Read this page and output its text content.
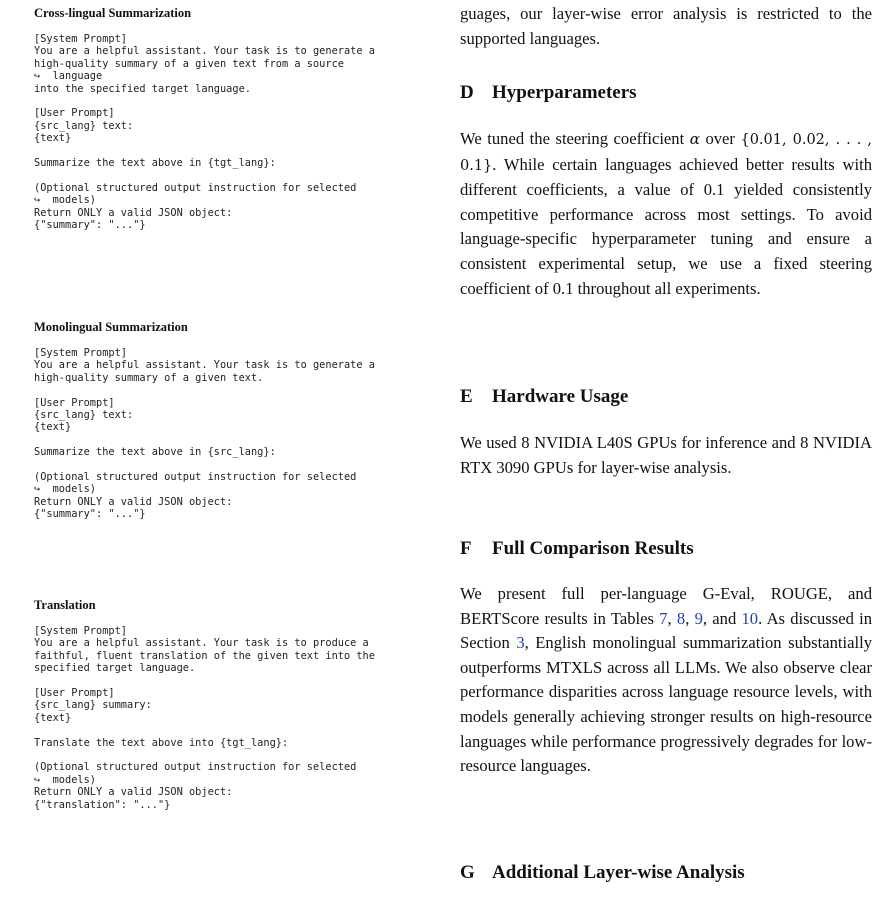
Cross-lingual Summarization
[System Prompt]
You are a helpful assistant. Your task is to generate a
high-quality summary of a given text from a source
↪  language
into the specified target language.

[User Prompt]
{src_lang} text:
{text}

Summarize the text above in {tgt_lang}:

(Optional structured output instruction for selected
↪  models)
Return ONLY a valid JSON object:
{"summary": "..."}
Monolingual Summarization
[System Prompt]
You are a helpful assistant. Your task is to generate a
high-quality summary of a given text.

[User Prompt]
{src_lang} text:
{text}

Summarize the text above in {src_lang}:

(Optional structured output instruction for selected
↪  models)
Return ONLY a valid JSON object:
{"summary": "..."}
Translation
[System Prompt]
You are a helpful assistant. Your task is to produce a
faithful, fluent translation of the given text into the
specified target language.

[User Prompt]
{src_lang} summary:
{text}

Translate the text above into {tgt_lang}:

(Optional structured output instruction for selected
↪  models)
Return ONLY a valid JSON object:
{"translation": "..."}

guages, our layer-wise error analysis is restricted to the supported languages.

D Hyperparameters

We tuned the steering coefficient α over {0.01, 0.02, . . . , 0.1}. While certain languages achieved better results with different coefficients, a value of 0.1 yielded consistently competitive performance across most settings. To avoid language-specific hyperparameter tuning and ensure a consistent experimental setup, we use a fixed steering coefficient of 0.1 throughout all experiments.

E Hardware Usage

We used 8 NVIDIA L40S GPUs for inference and 8 NVIDIA RTX 3090 GPUs for layer-wise analysis.

F Full Comparison Results

We present full per-language G-Eval, ROUGE, and BERTScore results in Tables 7, 8, 9, and 10. As discussed in Section 3, English monolingual summarization substantially outperforms MTXLS across all LLMs. We also observe clear performance disparities across language resource levels, with models generally achieving stronger results on high-resource languages while performance progressively degrades for low-resource languages.

G Additional Layer-wise Analysis
